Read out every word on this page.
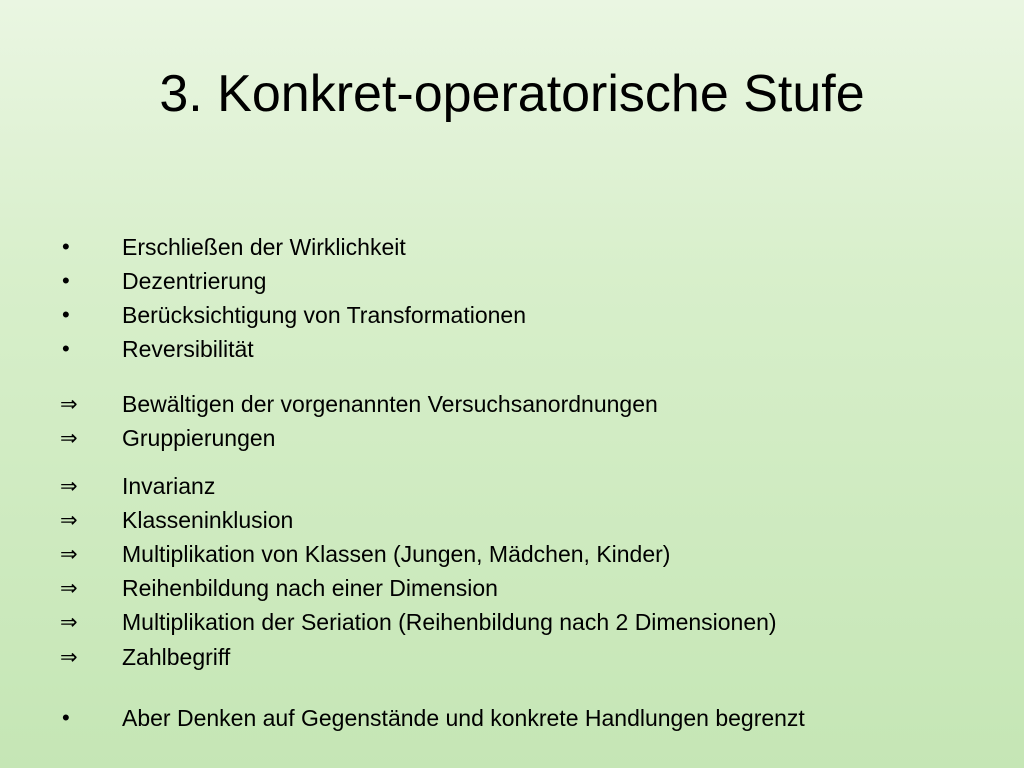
3. Konkret-operatorische Stufe
•	Erschließen der Wirklichkeit
•	Dezentrierung
•	Berücksichtigung von Transformationen
•	Reversibilität
⇒	Bewältigen der vorgenannten Versuchsanordnungen
⇒	Gruppierungen
⇒	Invarianz
⇒	Klasseninklusion
⇒	Multiplikation von Klassen (Jungen, Mädchen, Kinder)
⇒	Reihenbildung nach einer Dimension
⇒	Multiplikation der Seriation (Reihenbildung nach 2 Dimensionen)
⇒	Zahlbegriff
•	Aber Denken auf Gegenstände und konkrete Handlungen begrenzt
